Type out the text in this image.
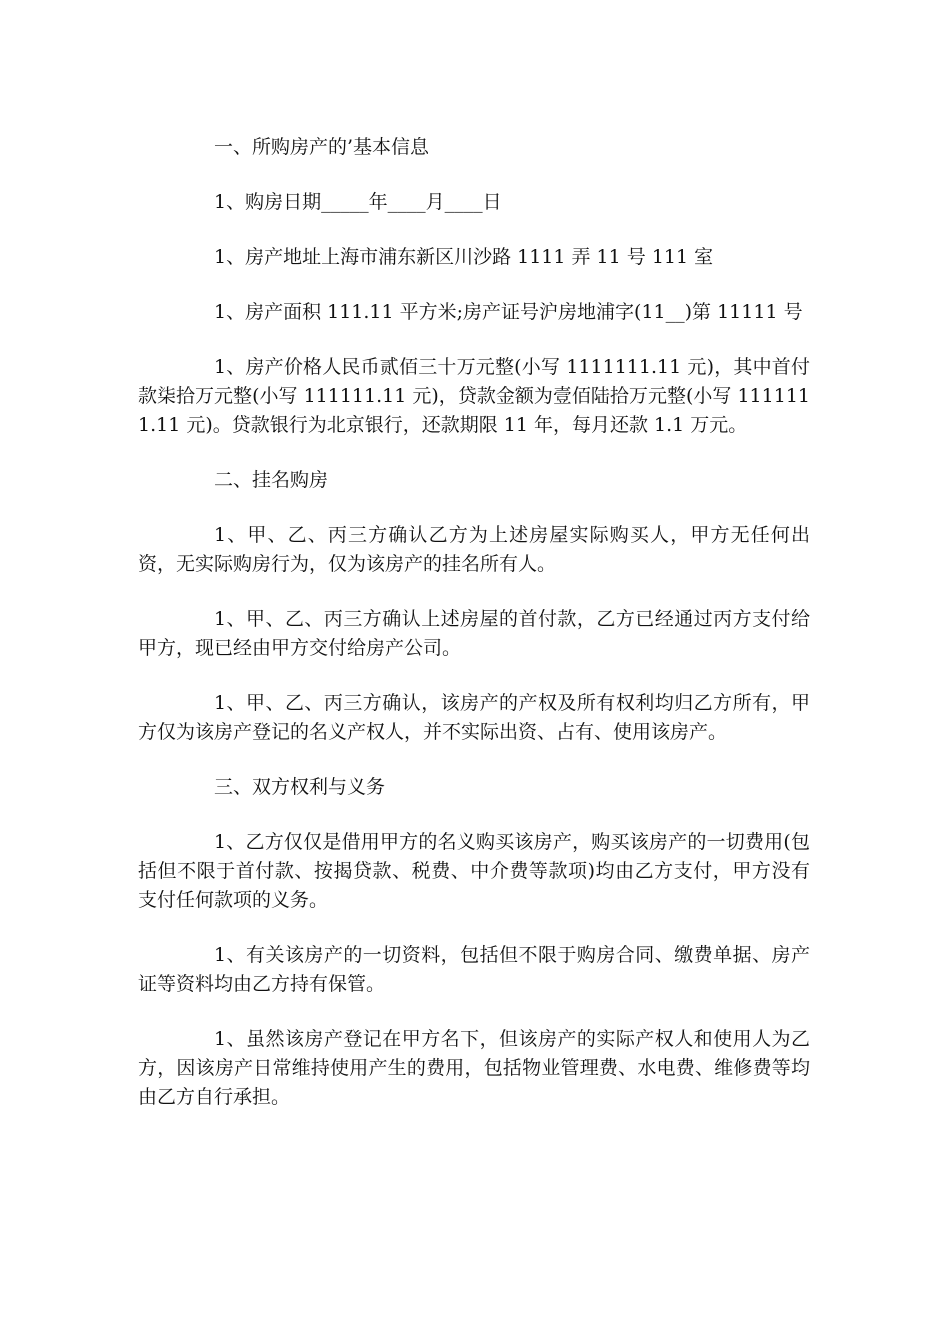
一、所购房产的’基本信息

1、购房日期_____年____月____日

1、房产地址上海市浦东新区川沙路 1111 弄 11 号 111 室

1、房产面积 111.11 平方米;房产证号沪房地浦字(11__)第 11111 号

1、房产价格人民币贰佰三十万元整(小写 1111111.11 元)，其中首付款柒拾万元整(小写 111111.11 元)，贷款金额为壹佰陆拾万元整(小写 1111111.11 元)。贷款银行为北京银行，还款期限 11 年，每月还款 1.1 万元。

二、挂名购房

1、甲、乙、丙三方确认乙方为上述房屋实际购买人，甲方无任何出资，无实际购房行为，仅为该房产的挂名所有人。

1、甲、乙、丙三方确认上述房屋的首付款，乙方已经通过丙方支付给甲方，现已经由甲方交付给房产公司。

1、甲、乙、丙三方确认，该房产的产权及所有权利均归乙方所有，甲方仅为该房产登记的名义产权人，并不实际出资、占有、使用该房产。

三、双方权利与义务

1、乙方仅仅是借用甲方的名义购买该房产，购买该房产的一切费用(包括但不限于首付款、按揭贷款、税费、中介费等款项)均由乙方支付，甲方没有支付任何款项的义务。

1、有关该房产的一切资料，包括但不限于购房合同、缴费单据、房产证等资料均由乙方持有保管。

1、虽然该房产登记在甲方名下，但该房产的实际产权人和使用人为乙方，因该房产日常维持使用产生的费用，包括物业管理费、水电费、维修费等均由乙方自行承担。
